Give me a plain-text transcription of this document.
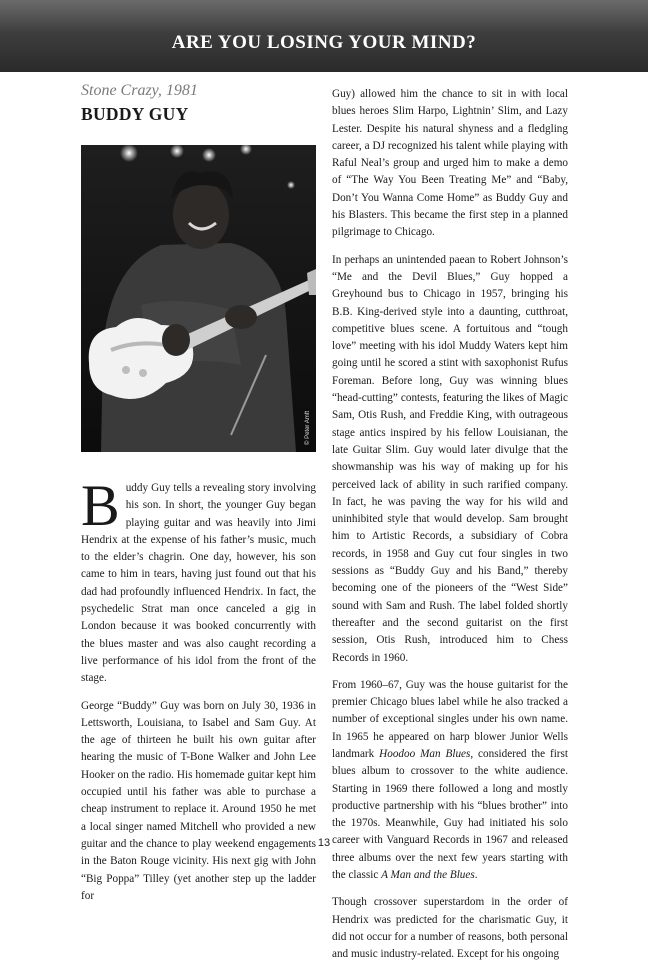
ARE YOU LOSING YOUR MIND?
Stone Crazy, 1981
BUDDY GUY
© Peter Amft

B uddy Guy tells a revealing story involving his son. In short, the younger Guy began playing guitar and was heavily into Jimi Hendrix at the expense of his father’s music, much to the elder’s chagrin. One day, however, his son came to him in tears, having just found out that his dad had profoundly influenced Hendrix. In fact, the psychedelic Strat man once canceled a gig in London because it was booked concurrently with the blues master and was also caught recording a live performance of his idol from the front of the stage.

George “Buddy” Guy was born on July 30, 1936 in Lettsworth, Louisiana, to Isabel and Sam Guy. At the age of thirteen he built his own guitar after hearing the music of T-Bone Walker and John Lee Hooker on the radio. His homemade guitar kept him occupied until his father was able to purchase a cheap instrument to replace it. Around 1950 he met a local singer named Mitchell who provided a new guitar and the chance to play weekend engagements in the Baton Rouge vicinity. His next gig with John “Big Poppa” Tilley (yet another step up the ladder for

Guy) allowed him the chance to sit in with local blues heroes Slim Harpo, Lightnin’ Slim, and Lazy Lester. Despite his natural shyness and a fledgling career, a DJ recognized his talent while playing with Raful Neal’s group and urged him to make a demo of “The Way You Been Treating Me” and “Baby, Don’t You Wanna Come Home” as Buddy Guy and his Blasters. This became the first step in a planned pilgrimage to Chicago.

In perhaps an unintended paean to Robert Johnson’s “Me and the Devil Blues,” Guy hopped a Greyhound bus to Chicago in 1957, bringing his B.B. King-derived style into a daunting, cutthroat, competitive blues scene. A fortuitous and “tough love” meeting with his idol Muddy Waters kept him going until he scored a stint with saxophonist Rufus Foreman. Before long, Guy was winning blues “head-cutting” contests, featuring the likes of Magic Sam, Otis Rush, and Freddie King, with outrageous stage antics inspired by his fellow Louisianan, the late Guitar Slim. Guy would later divulge that the showmanship was his way of making up for his perceived lack of ability in such rarified company. In fact, he was paving the way for his wild and uninhibited style that would develop. Sam brought him to Artistic Records, a subsidiary of Cobra records, in 1958 and Guy cut four singles in two sessions as “Buddy Guy and his Band,” thereby becoming one of the pioneers of the “West Side” sound with Sam and Rush. The label folded shortly thereafter and the second guitarist on the first session, Otis Rush, introduced him to Chess Records in 1960.

From 1960–67, Guy was the house guitarist for the premier Chicago blues label while he also tracked a number of exceptional singles under his own name. In 1965 he appeared on harp blower Junior Wells landmark Hoodoo Man Blues, considered the first blues album to crossover to the white audience. Starting in 1969 there followed a long and mostly productive partnership with his “blues brother” into the 1970s. Meanwhile, Guy had initiated his solo career with Vanguard Records in 1967 and released three albums over the next few years starting with the classic A Man and the Blues.

Though crossover superstardom in the order of Hendrix was predicted for the charismatic Guy, it did not occur for a number of reasons, both personal and music industry-related. Except for his ongoing

13
